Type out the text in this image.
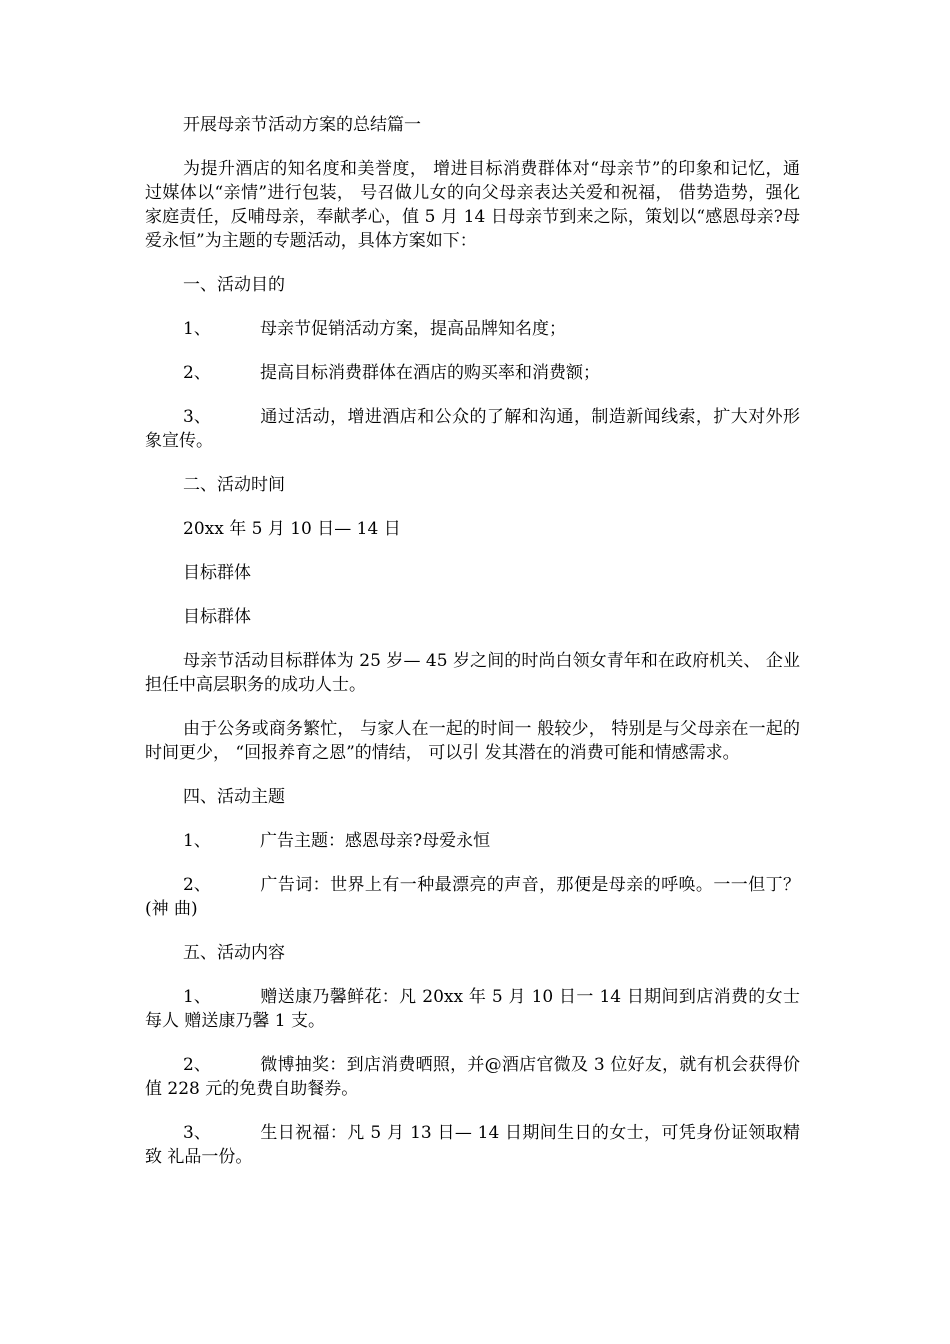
开展母亲节活动方案的总结篇一

为提升酒店的知名度和美誉度， 增进目标消费群体对“母亲节”的印象和记忆，通过媒体以“亲情”进行包装， 号召做儿女的向父母亲表达关爱和祝福， 借势造势，强化家庭责任，反哺母亲，奉献孝心，值 5 月 14 日母亲节到来之际，策划以“感恩母亲?母爱永恒”为主题的专题活动，具体方案如下：

一、活动目的

1、	母亲节促销活动方案，提高品牌知名度；

2、	提高目标消费群体在酒店的购买率和消费额；

3、	通过活动，增进酒店和公众的了解和沟通，制造新闻线索，扩大对外形 象宣传。

二、活动时间

20xx 年 5 月 10 日— 14 日

目标群体

目标群体

母亲节活动目标群体为 25 岁— 45 岁之间的时尚白领女青年和在政府机关、 企业担任中高层职务的成功人士。

由于公务或商务繁忙， 与家人在一起的时间一 般较少， 特别是与父母亲在一起的时间更少， “回报养育之恩”的情结， 可以引 发其潜在的消费可能和情感需求。

四、活动主题

1、	广告主题：感恩母亲?母爱永恒

2、	广告词：世界上有一种最漂亮的声音，那便是母亲的呼唤。一一但丁？(神 曲)

五、活动内容

1、	赠送康乃馨鲜花：凡 20xx 年 5 月 10 日一 14 日期间到店消费的女士每人 赠送康乃馨 1 支。

2、	微博抽奖：到店消费晒照，并@酒店官微及 3 位好友，就有机会获得价 值 228 元的免费自助餐券。

3、	生日祝福：凡 5 月 13 日— 14 日期间生日的女士，可凭身份证领取精致 礼品一份。
